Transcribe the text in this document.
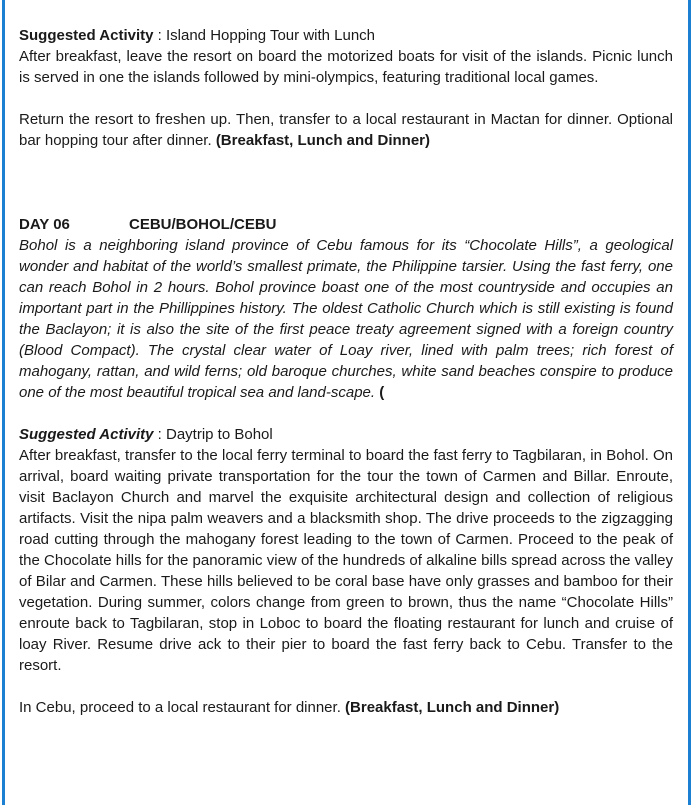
Suggested Activity : Island Hopping Tour with Lunch

After breakfast, leave the resort on board the motorized boats for visit of the islands. Picnic lunch is served in one the islands followed by mini-olympics, featuring traditional local games.

Return the resort to freshen up. Then, transfer to a local restaurant in Mactan for dinner. Optional bar hopping tour after dinner. (Breakfast, Lunch and Dinner)

DAY 06	CEBU/BOHOL/CEBU

Bohol is a neighboring island province of Cebu famous for its “Chocolate Hills”, a geological wonder and habitat of the world’s smallest primate, the Philippine tarsier. Using the fast ferry, one can reach Bohol in 2 hours. Bohol province boast one of the most countryside and occupies an important part in the Phillippines history. The oldest Catholic Church which is still existing is found the Baclayon; it is also the site of the first peace treaty agreement signed with a foreign country (Blood Compact). The crystal clear water of Loay river, lined with palm trees; rich forest of mahogany, rattan, and wild ferns; old baroque churches, white sand beaches conspire to produce one of the most beautiful tropical sea and land-scape. (

Suggested Activity : Daytrip to Bohol

After breakfast, transfer to the local ferry terminal to board the fast ferry to Tagbilaran, in Bohol. On arrival, board waiting private transportation for the tour the town of Carmen and Billar. Enroute, visit Baclayon Church and marvel the exquisite architectural design and collection of religious artifacts. Visit the nipa palm weavers and a blacksmith shop. The drive proceeds to the zigzagging road cutting through the mahogany forest leading to the town of Carmen. Proceed to the peak of the Chocolate hills for the panoramic view of the hundreds of alkaline bills spread across the valley of Bilar and Carmen. These hills believed to be coral base have only grasses and bamboo for their vegetation. During summer, colors change from green to brown, thus the name “Chocolate Hills” enroute back to Tagbilaran, stop in Loboc to board the floating restaurant for lunch and cruise of loay River. Resume drive ack to their pier to board the fast ferry back to Cebu. Transfer to the resort.

In Cebu, proceed to a local restaurant for dinner. (Breakfast, Lunch and Dinner)
